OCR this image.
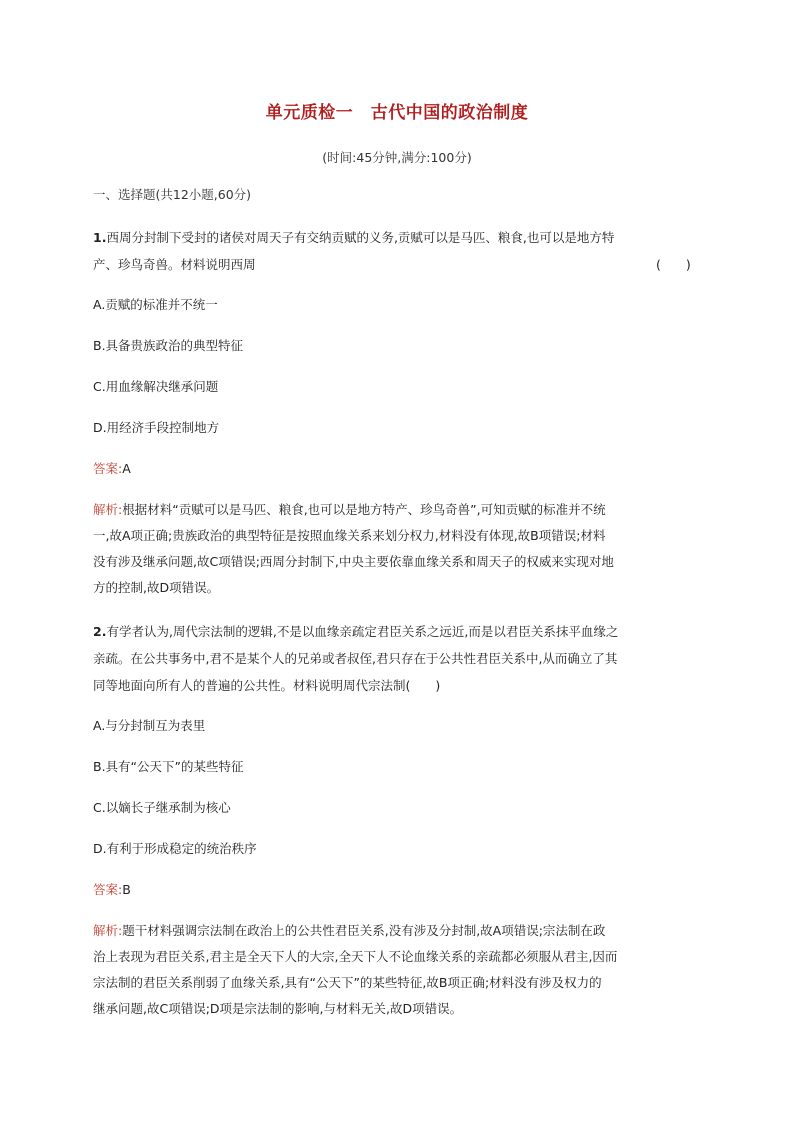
单元质检一　古代中国的政治制度
(时间:45分钟,满分:100分)
一、选择题(共12小题,60分)
1.西周分封制下受封的诸侯对周天子有交纳贡赋的义务,贡赋可以是马匹、粮食,也可以是地方特
产、珍鸟奇兽。材料说明西周	(　　)
A.贡赋的标准并不统一
B.具备贵族政治的典型特征
C.用血缘解决继承问题
D.用经济手段控制地方
答案:A
解析:根据材料“贡赋可以是马匹、粮食,也可以是地方特产、珍鸟奇兽”,可知贡赋的标准并不统
一,故A项正确;贵族政治的典型特征是按照血缘关系来划分权力,材料没有体现,故B项错误;材料
没有涉及继承问题,故C项错误;西周分封制下,中央主要依靠血缘关系和周天子的权威来实现对地
方的控制,故D项错误。
2.有学者认为,周代宗法制的逻辑,不是以血缘亲疏定君臣关系之远近,而是以君臣关系抹平血缘之
亲疏。在公共事务中,君不是某个人的兄弟或者叔侄,君只存在于公共性君臣关系中,从而确立了其
同等地面向所有人的普遍的公共性。材料说明周代宗法制(　　)
A.与分封制互为表里
B.具有“公天下”的某些特征
C.以嫡长子继承制为核心
D.有利于形成稳定的统治秩序
答案:B
解析:题干材料强调宗法制在政治上的公共性君臣关系,没有涉及分封制,故A项错误;宗法制在政
治上表现为君臣关系,君主是全天下人的大宗,全天下人不论血缘关系的亲疏都必须服从君主,因而
宗法制的君臣关系削弱了血缘关系,具有“公天下”的某些特征,故B项正确;材料没有涉及权力的
继承问题,故C项错误;D项是宗法制的影响,与材料无关,故D项错误。
